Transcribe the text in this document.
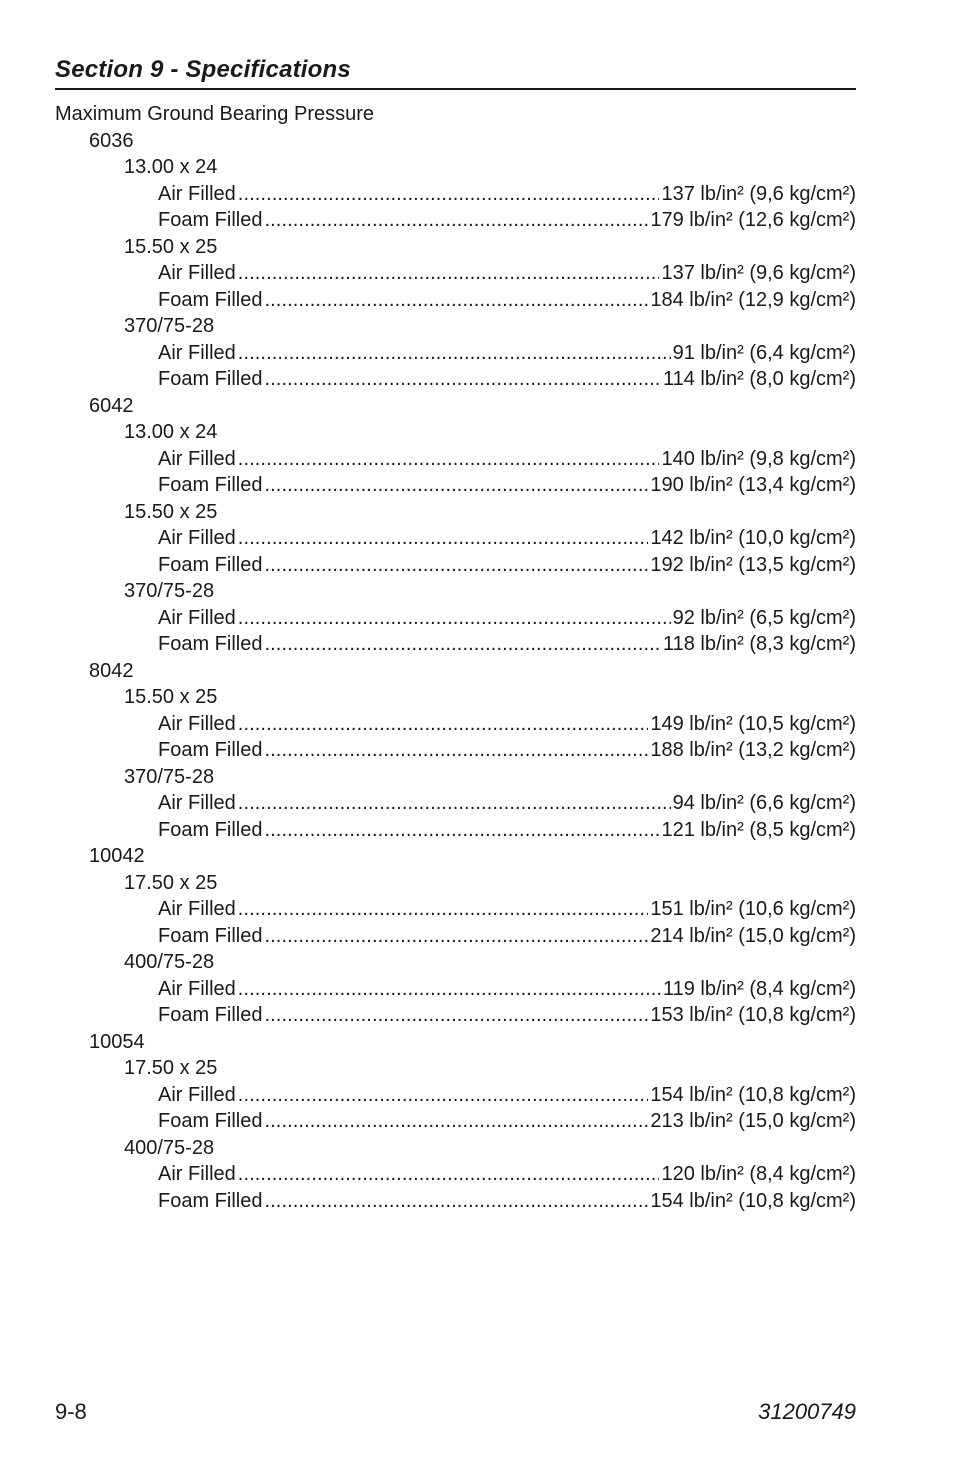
Section 9 - Specifications
Maximum Ground Bearing Pressure
6036
13.00 x 24
Air Filled .....	137 lb/in² (9,6 kg/cm²)
Foam Filled .....	179 lb/in² (12,6 kg/cm²)
15.50 x 25
Air Filled .....	137 lb/in² (9,6 kg/cm²)
Foam Filled .....	184 lb/in² (12,9 kg/cm²)
370/75-28
Air Filled .....	91 lb/in² (6,4 kg/cm²)
Foam Filled .....	114 lb/in² (8,0 kg/cm²)
6042
13.00 x 24
Air Filled .....	140 lb/in² (9,8 kg/cm²)
Foam Filled .....	190 lb/in² (13,4 kg/cm²)
15.50 x 25
Air Filled .....	142 lb/in² (10,0 kg/cm²)
Foam Filled .....	192 lb/in² (13,5 kg/cm²)
370/75-28
Air Filled .....	92 lb/in² (6,5 kg/cm²)
Foam Filled .....	118 lb/in² (8,3 kg/cm²)
8042
15.50 x 25
Air Filled .....	149 lb/in² (10,5 kg/cm²)
Foam Filled .....	188 lb/in² (13,2 kg/cm²)
370/75-28
Air Filled .....	94 lb/in² (6,6 kg/cm²)
Foam Filled .....	121 lb/in² (8,5 kg/cm²)
10042
17.50 x 25
Air Filled .....	151 lb/in² (10,6 kg/cm²)
Foam Filled .....	214 lb/in² (15,0 kg/cm²)
400/75-28
Air Filled .....	119 lb/in² (8,4 kg/cm²)
Foam Filled .....	153 lb/in² (10,8 kg/cm²)
10054
17.50 x 25
Air Filled .....	154 lb/in² (10,8 kg/cm²)
Foam Filled .....	213 lb/in² (15,0 kg/cm²)
400/75-28
Air Filled .....	120 lb/in² (8,4 kg/cm²)
Foam Filled .....	154 lb/in² (10,8 kg/cm²)
9-8	31200749
